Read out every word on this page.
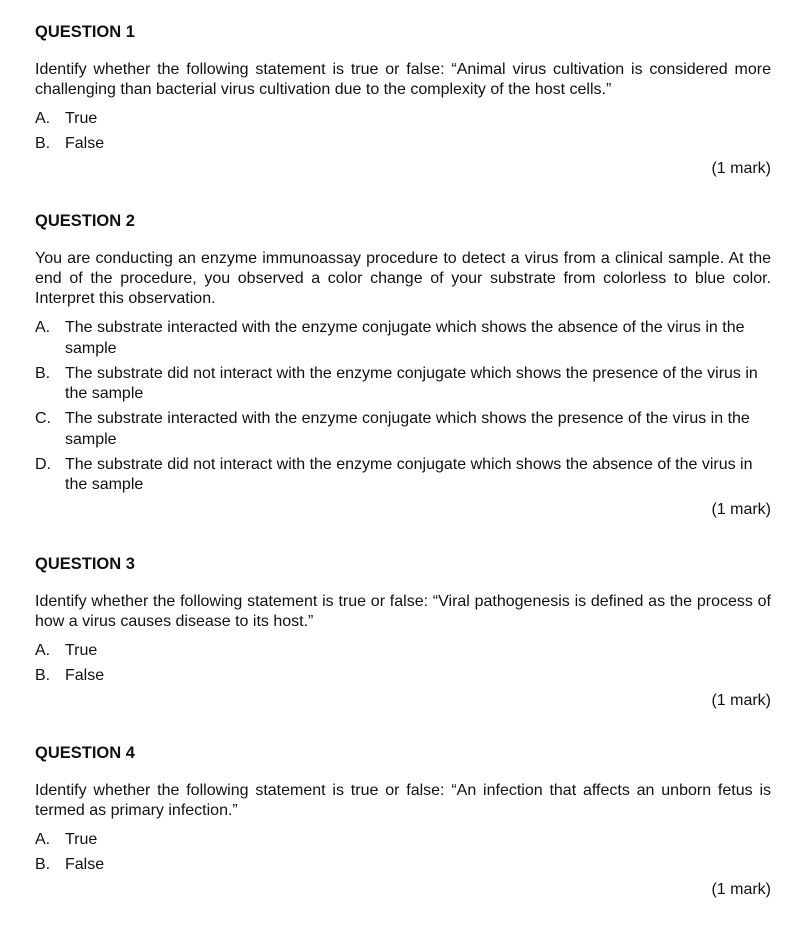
QUESTION 1

Identify whether the following statement is true or false: “Animal virus cultivation is considered more challenging than bacterial virus cultivation due to the complexity of the host cells.”

A. True
B. False
(1 mark)
QUESTION 2

You are conducting an enzyme immunoassay procedure to detect a virus from a clinical sample. At the end of the procedure, you observed a color change of your substrate from colorless to blue color. Interpret this observation.

A. The substrate interacted with the enzyme conjugate which shows the absence of the virus in the sample
B. The substrate did not interact with the enzyme conjugate which shows the presence of the virus in the sample
C. The substrate interacted with the enzyme conjugate which shows the presence of the virus in the sample
D. The substrate did not interact with the enzyme conjugate which shows the absence of the virus in the sample
(1 mark)
QUESTION 3

Identify whether the following statement is true or false: “Viral pathogenesis is defined as the process of how a virus causes disease to its host.”

A. True
B. False
(1 mark)
QUESTION 4

Identify whether the following statement is true or false: “An infection that affects an unborn fetus is termed as primary infection.”

A. True
B. False
(1 mark)
